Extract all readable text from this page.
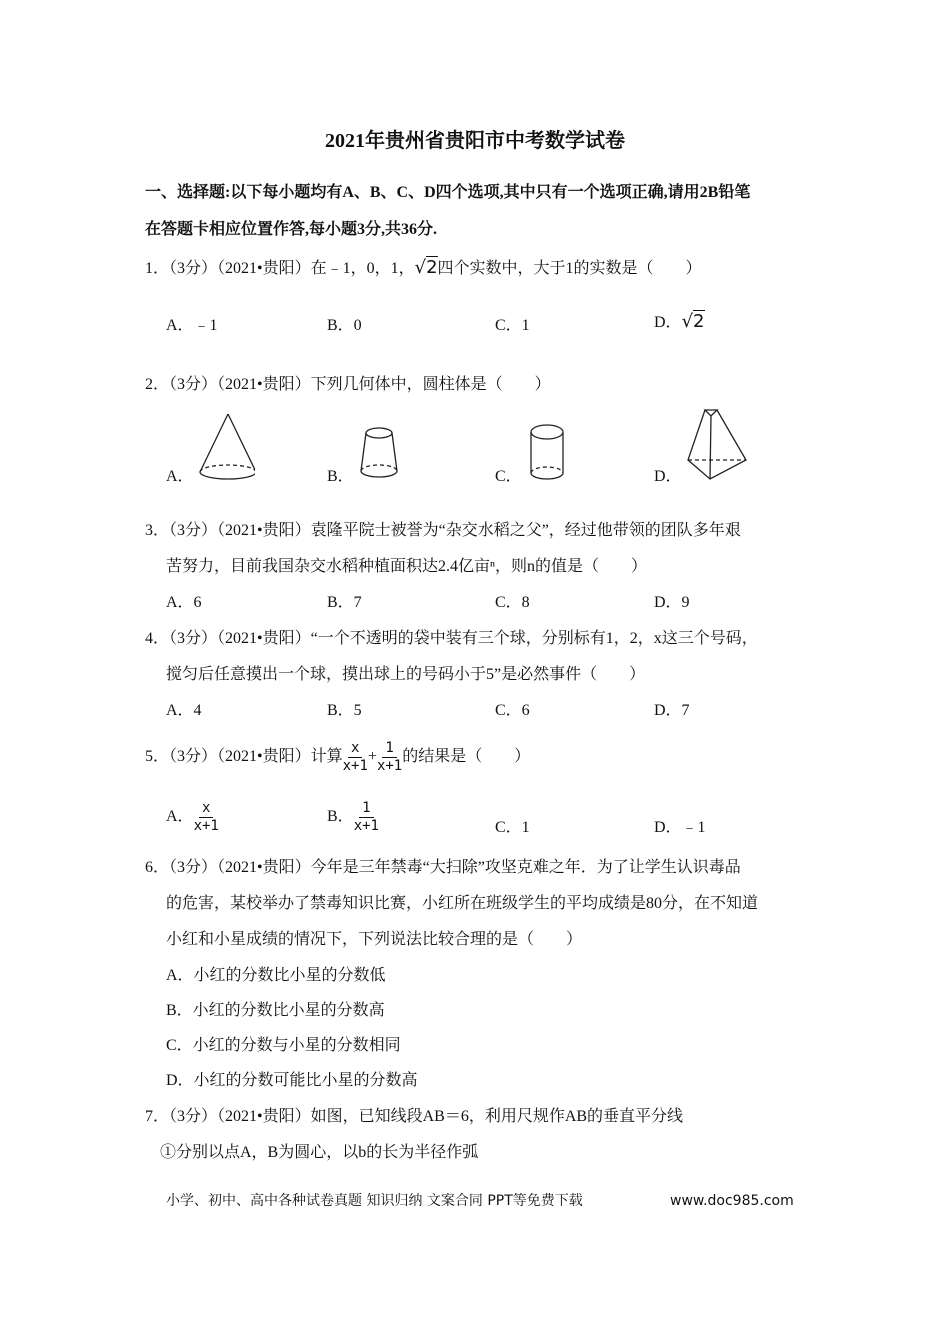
2021年贵州省贵阳市中考数学试卷
一、选择题:以下每小题均有A、B、C、D四个选项,其中只有一个选项正确,请用2B铅笔
在答题卡相应位置作答,每小题3分,共36分.
1．（3分）（2021•贵阳）在﹣1，0，1，√2四个实数中，大于1的实数是（　　）
A．﹣1	B．0	C．1	D．√2
2．（3分）（2021•贵阳）下列几何体中，圆柱体是（　　）
A．	B．	C．	D．
3．（3分）（2021•贵阳）袁隆平院士被誉为“杂交水稻之父”，经过他带领的团队多年艰
苦努力，目前我国杂交水稻种植面积达2.4亿亩ⁿ，则n的值是（　　）
A．6	B．7	C．8	D．9
4．（3分）（2021•贵阳）“一个不透明的袋中装有三个球，分别标有1，2，x这三个号码，
搅匀后任意摸出一个球，摸出球上的号码小于5”是必然事件（　　）
A．4	B．5	C．6	D．7
5．（3分）（2021•贵阳）计算 $\frac{x}{x+1} + \frac{1}{x+1}$ 的结果是（　　）
A． $\frac{x}{x+1}$	B． $\frac{1}{x+1}$	C．1	D．﹣1
6．（3分）（2021•贵阳）今年是三年禁毒“大扫除”攻坚克难之年．为了让学生认识毒品
的危害，某校举办了禁毒知识比赛，小红所在班级学生的平均成绩是80分，在不知道
小红和小星成绩的情况下，下列说法比较合理的是（　　）
A．小红的分数比小星的分数低
B．小红的分数比小星的分数高
C．小红的分数与小星的分数相同
D．小红的分数可能比小星的分数高
7．（3分）（2021•贵阳）如图，已知线段AB＝6，利用尺规作AB的垂直平分线
①分别以点A，B为圆心，以b的长为半径作弧
小学、初中、高中各种试卷真题 知识归纳 文案合同 PPT等免费下载	www.doc985.com
